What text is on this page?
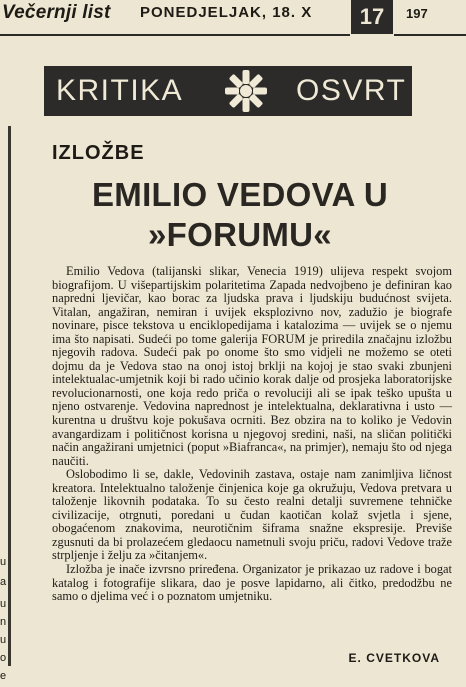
Večernji list PONEDJELJAK, 18. X	17	197
KRITIKA	OSVRT
u
a
u
n
u
o
e
IZLOŽBE
EMILIO VEDOVA U
»FORUMU«

Emilio Vedova (talijanski slikar, Venecia 1919) ulijeva respekt svojom biografijom. U višepartijskim polaritetima Zapada nedvojbeno je definiran kao napredni ljevičar, kao borac za ljudska prava i ljudskiju budućnost svijeta. Vitalan, angažiran, nemiran i uvijek eksplozivno nov, zadužio je biografe novinare, pisce tekstova u enciklopedijama i katalozima — uvijek se o njemu ima što napisati. Sudeći po tome galerija FORUM je priredila značajnu izložbu njegovih radova. Sudeći pak po onome što smo vidjeli ne možemo se oteti dojmu da je Vedova stao na onoj istoj brklji na kojoj je stao svaki zbunjeni intelektualac-umjetnik koji bi rado učinio korak dalje od prosjeka laboratorijske revolucionarnosti, one koja redo priča o revoluciji ali se ipak teško upušta u njeno ostvarenje. Vedovina naprednost je intelektualna, deklarativna i usto — kurentna u društvu koje pokušava ocrniti. Bez obzira na to koliko je Vedovin avangardizam i političnost korisna u njegovoj sredini, naši, na sličan politički način angažirani umjetnici (poput »Biafranca«, na primjer), nemaju što od njega naučiti.

Oslobodimo li se, dakle, Vedovinih zastava, ostaje nam zanimljiva ličnost kreatora. Intelektualno taloženje činjenica koje ga okružuju, Vedova pretvara u taloženje likovnih podataka. To su često realni detalji suvremene tehničke civilizacije, otrgnuti, poredani u čudan kaotičan kolaž svjetla i sjene, obogaćenom znakovima, neurotičnim šiframa snažne ekspresije. Previše zgusnuti da bi prolazećem gledaocu nametnuli svoju priču, radovi Vedove traže strpljenje i želju za »čitanjem«.

Izložba je inače izvrsno priređena. Organizator je prikazao uz radove i bogat katalog i fotografije slikara, dao je posve lapidarno, ali čitko, predodžbu ne samo o djelima već i o poznatom umjetniku.

E. CVETKOVA
